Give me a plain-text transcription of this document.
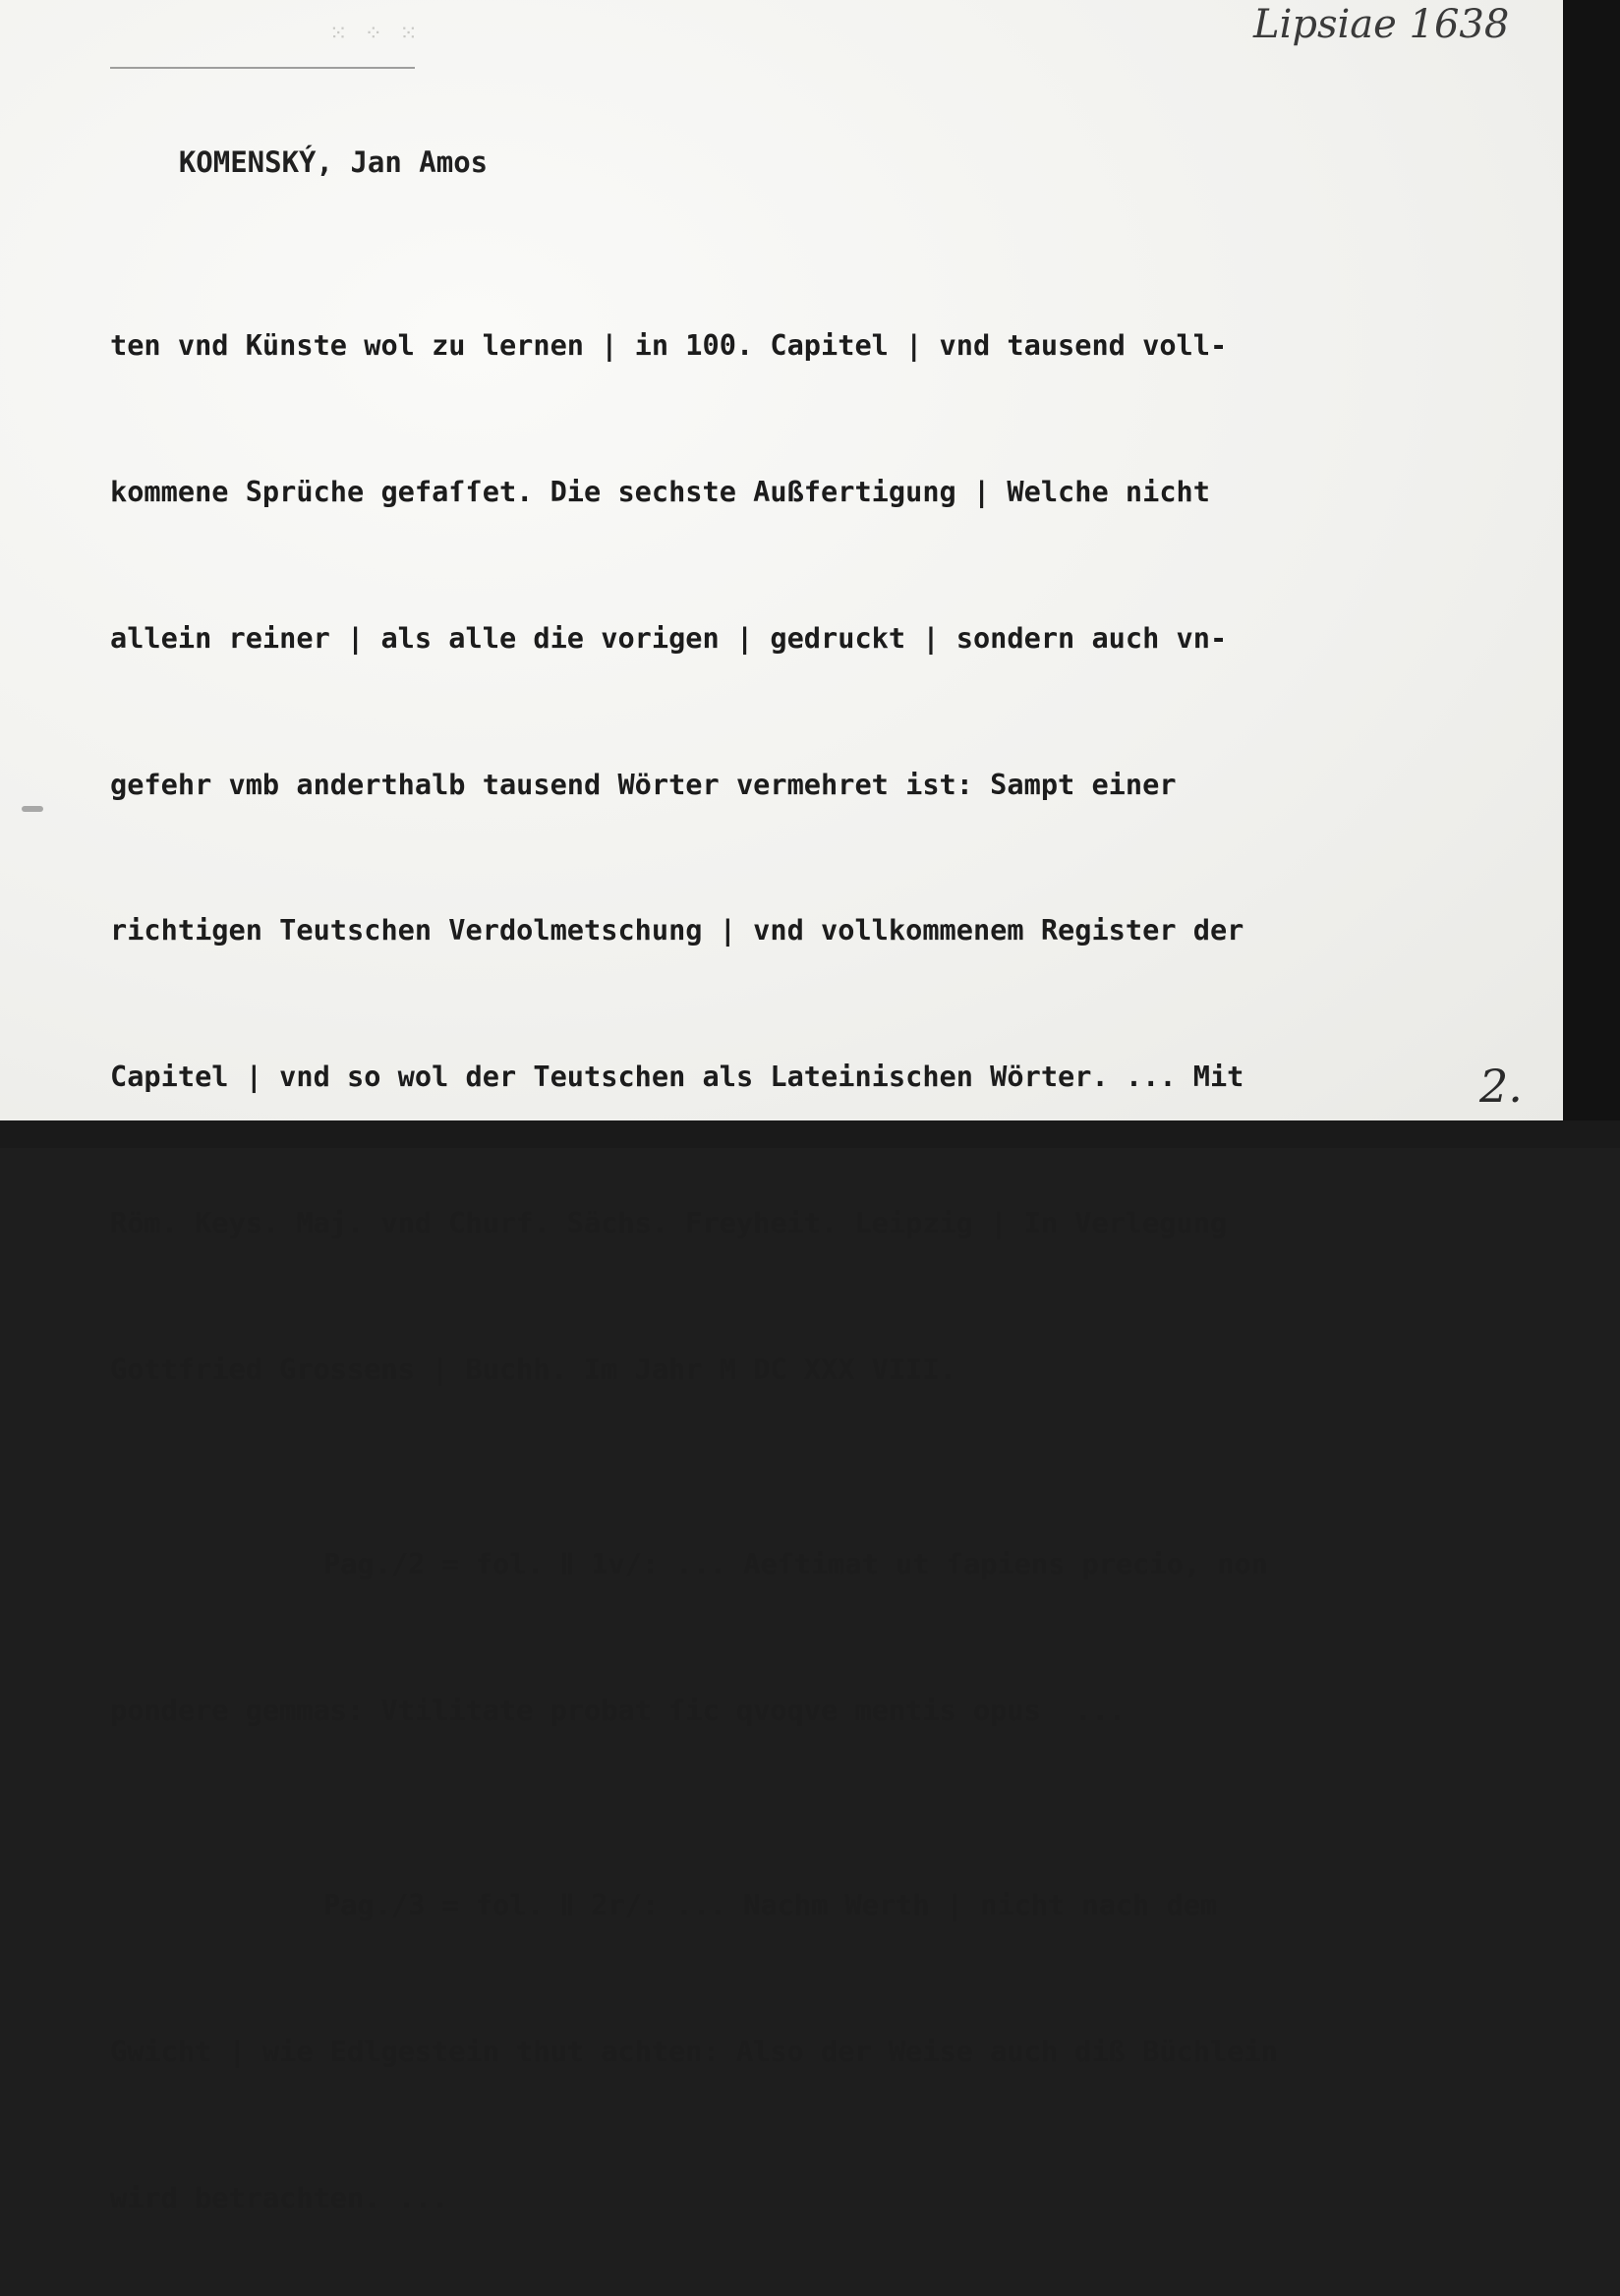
⁙ ⁘ ⁙	Lipsiae 1638

KOMENSKÝ, Jan Amos

ten vnd Künste wol zu lernen | in 100. Capitel | vnd tausend voll-

kommene Sprüche gefaſſet. Die sechste Außfertigung | Welche nicht

allein reiner | als alle die vorigen | gedruckt | sondern auch vn-

gefehr vmb anderthalb tausend Wörter vermehret ist: Sampt einer

richtigen Teutschen Verdolmetschung | vnd vollkommenem Register der

Capitel | vnd so wol der Teutschen als Lateinischen Wörter. ... Mit

Röm. Keys. Maj. vnd Churf. Sächs. Freyheit. Leipzig | In Verlegung

Gottfried Grossens | Buchh. Im Jahr M DC XXX VIII.

Pag./2 = fol. Ⅱ 1v/: ... Aeſtimat ut ſapiens precio, non

pondere gemmas: Vtilitate probat ſic qvoqve mentis opus  ...

Pag./3 = fol. Ⅱ 2r/: ... Nachm Werth | nicht nach dem

Gwicht | wie Edlgestein thut achten: Also der Weise auch diß Büchlein

wird betrachten. ...

2.
